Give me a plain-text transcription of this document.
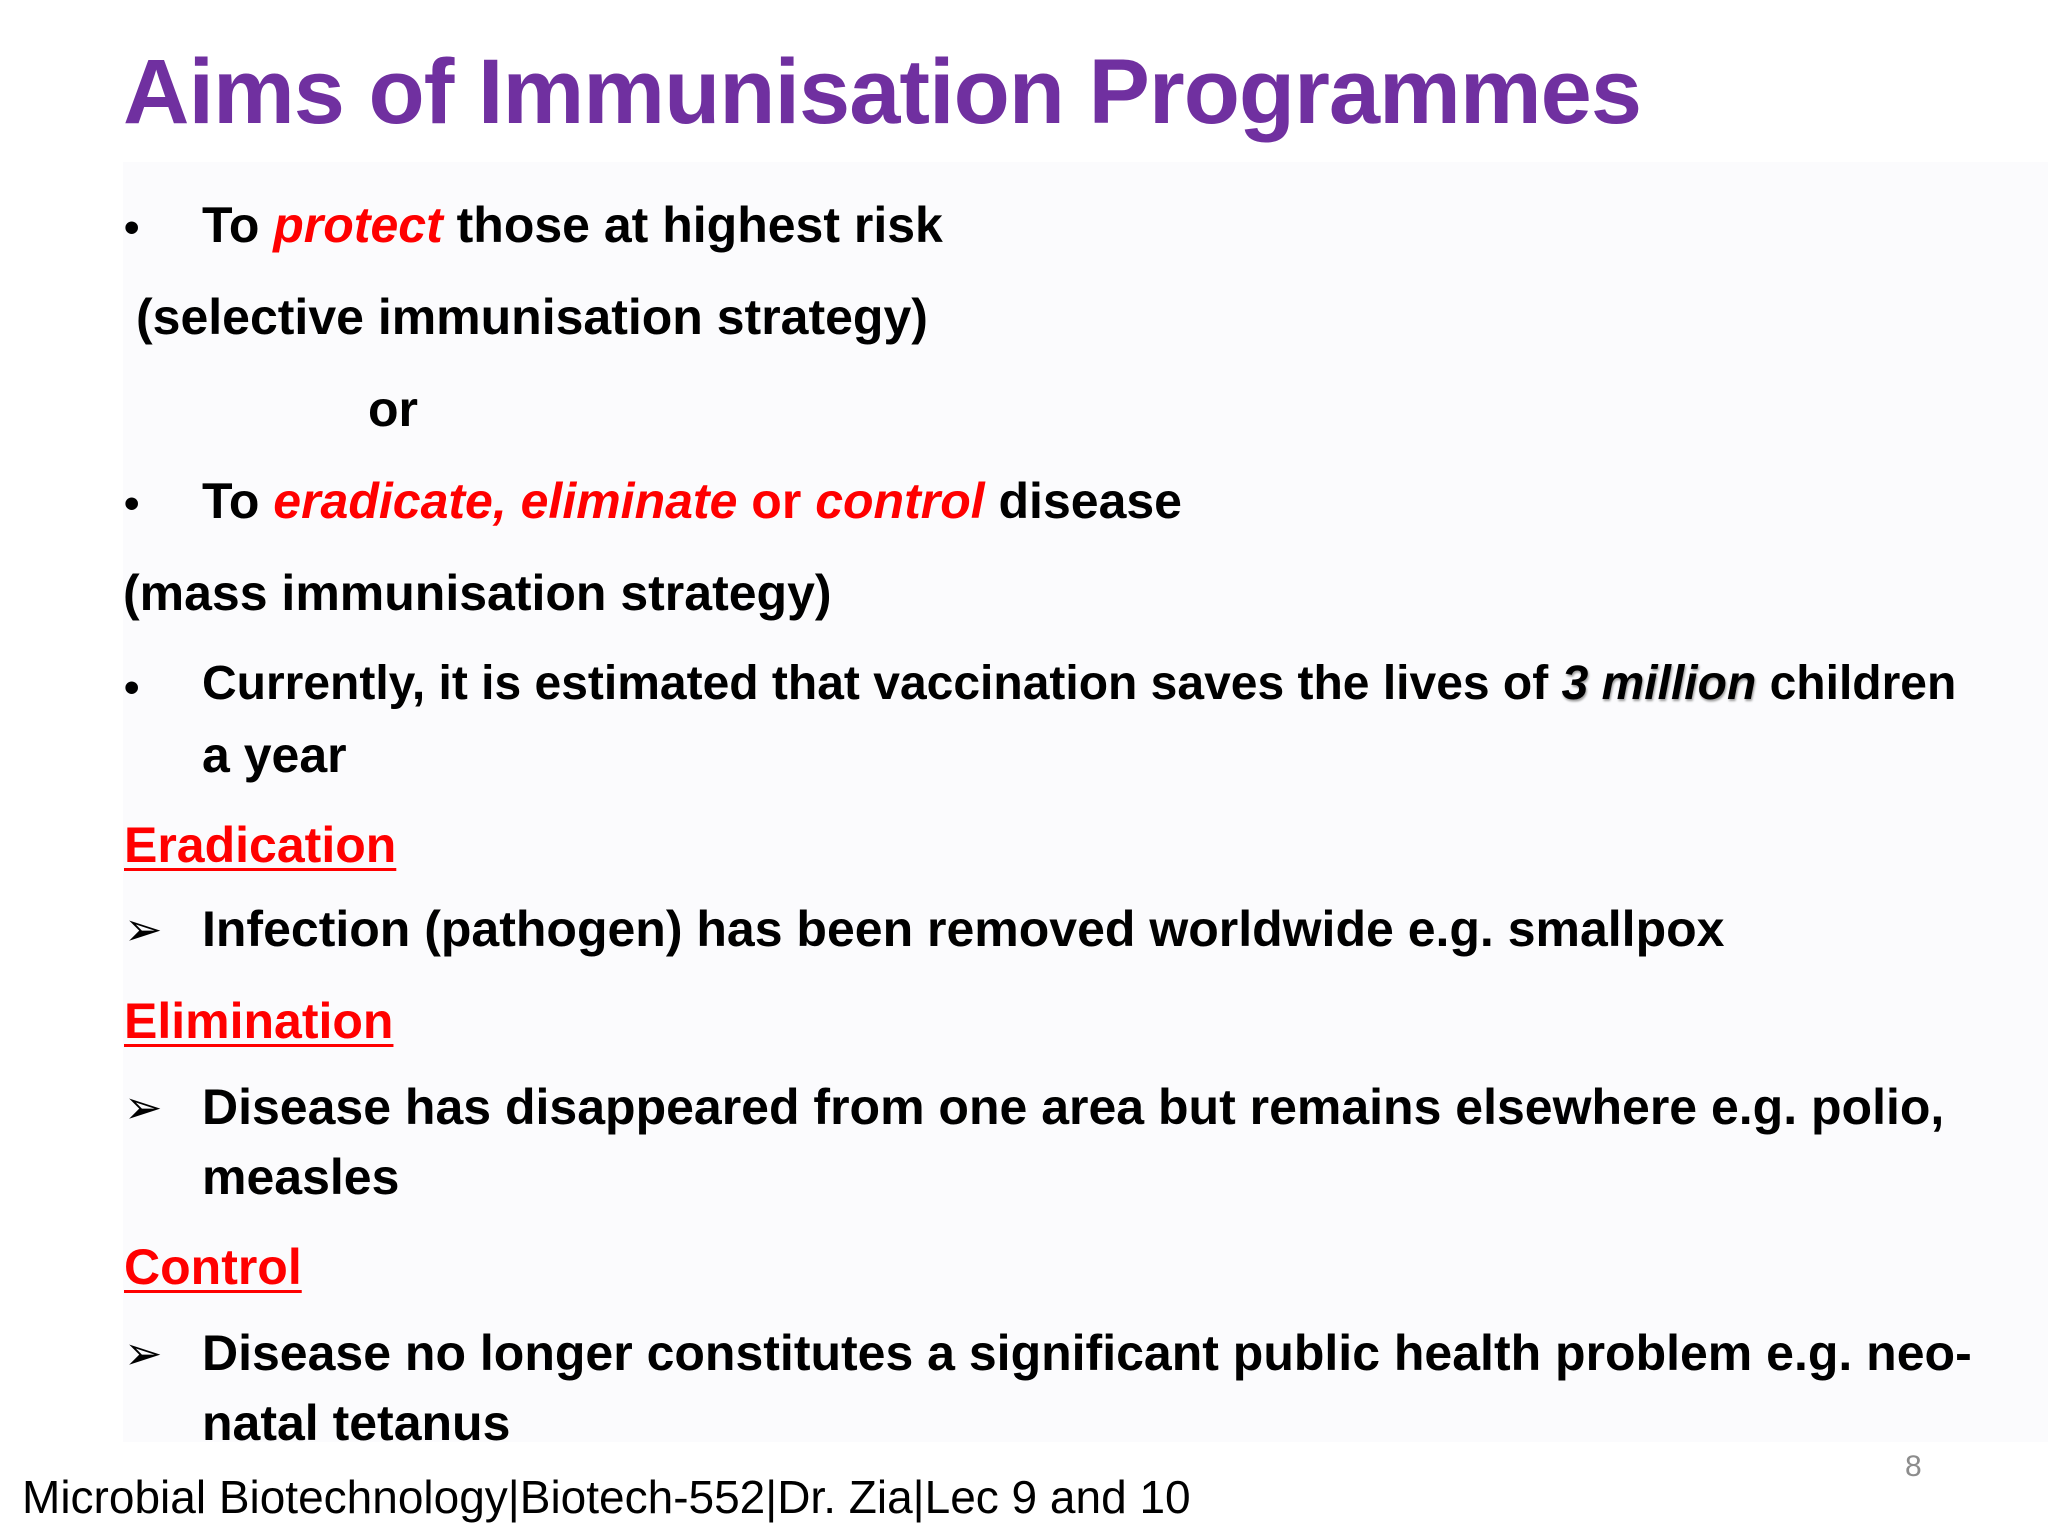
Aims of Immunisation Programmes
• To protect those at highest risk
(selective immunisation strategy)
or
• To eradicate, eliminate or control disease
(mass immunisation strategy)
• Currently, it is estimated that vaccination saves the lives of 3 million children
a year
Eradication
➢ Infection (pathogen) has been removed worldwide e.g. smallpox
Elimination
➢ Disease has disappeared from one area but remains elsewhere e.g. polio,
measles
Control
➢ Disease no longer constitutes a significant public health problem e.g. neo-
natal tetanus
8
Microbial Biotechnology|Biotech-552|Dr. Zia|Lec 9 and 10
